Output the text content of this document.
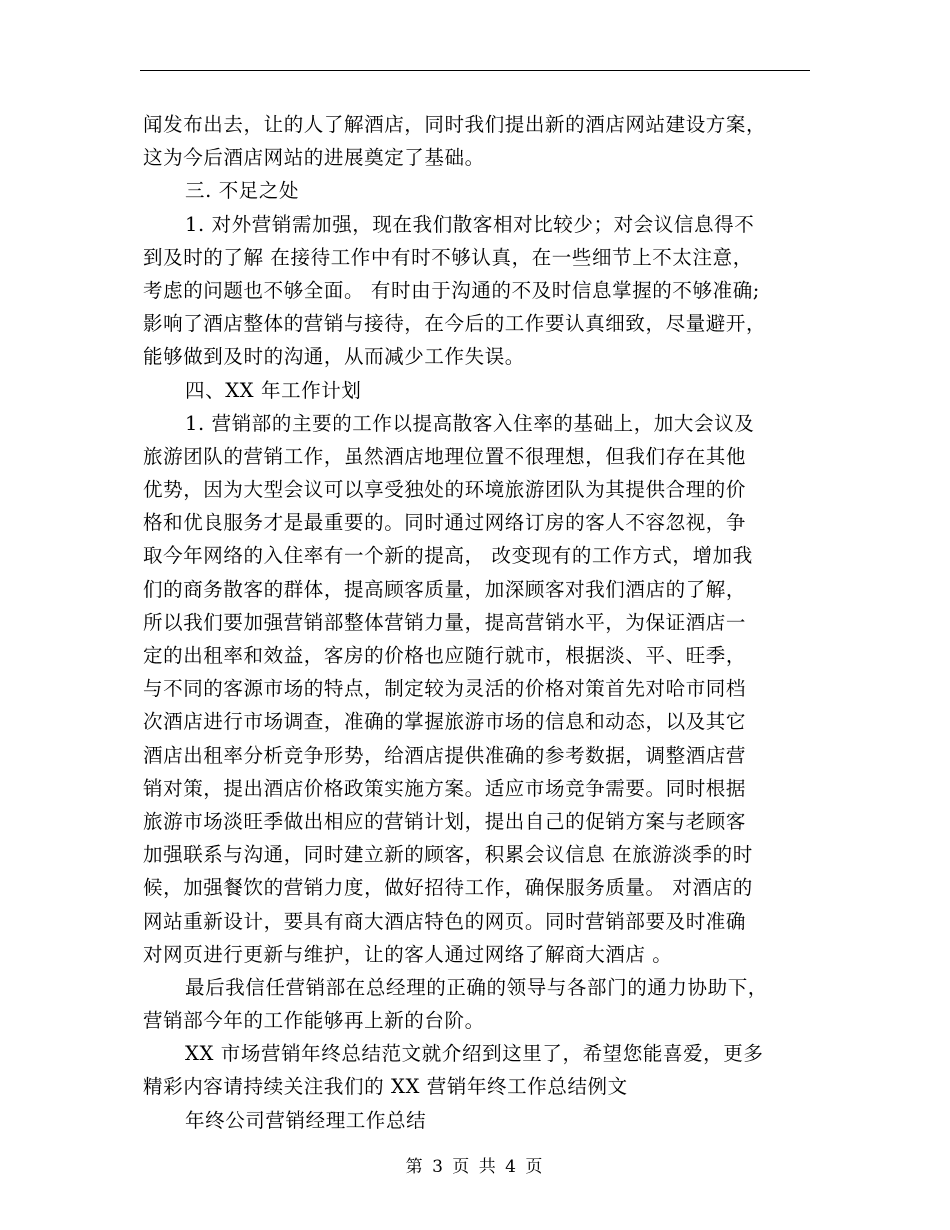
闻发布出去，让的人了解酒店，同时我们提出新的酒店网站建设方案，
这为今后酒店网站的进展奠定了基础。
三. 不足之处
1. 对外营销需加强，现在我们散客相对比较少；对会议信息得不
到及时的了解 在接待工作中有时不够认真，在一些细节上不太注意，
考虑的问题也不够全面。 有时由于沟通的不及时信息掌握的不够准确;
影响了酒店整体的营销与接待，在今后的工作要认真细致，尽量避开，
能够做到及时的沟通，从而减少工作失误。
四、XX 年工作计划
1. 营销部的主要的工作以提高散客入住率的基础上，加大会议及
旅游团队的营销工作，虽然酒店地理位置不很理想，但我们存在其他
优势，因为大型会议可以享受独处的环境旅游团队为其提供合理的价
格和优良服务才是最重要的。同时通过网络订房的客人不容忽视，争
取今年网络的入住率有一个新的提高， 改变现有的工作方式，增加我
们的商务散客的群体，提高顾客质量，加深顾客对我们酒店的了解，
所以我们要加强营销部整体营销力量，提高营销水平，为保证酒店一
定的出租率和效益，客房的价格也应随行就市，根据淡、平、旺季，
与不同的客源市场的特点，制定较为灵活的价格对策首先对哈市同档
次酒店进行市场调查，准确的掌握旅游市场的信息和动态，以及其它
酒店出租率分析竞争形势，给酒店提供准确的参考数据，调整酒店营
销对策，提出酒店价格政策实施方案。适应市场竞争需要。同时根据
旅游市场淡旺季做出相应的营销计划，提出自己的促销方案与老顾客
加强联系与沟通，同时建立新的顾客，积累会议信息 在旅游淡季的时
候，加强餐饮的营销力度，做好招待工作，确保服务质量。 对酒店的
网站重新设计，要具有商大酒店特色的网页。同时营销部要及时准确
对网页进行更新与维护，让的客人通过网络了解商大酒店 。
最后我信任营销部在总经理的正确的领导与各部门的通力协助下，
营销部今年的工作能够再上新的台阶。
XX 市场营销年终总结范文就介绍到这里了，希望您能喜爱，更多
精彩内容请持续关注我们的 XX 营销年终工作总结例文
年终公司营销经理工作总结
第 3 页 共 4 页
